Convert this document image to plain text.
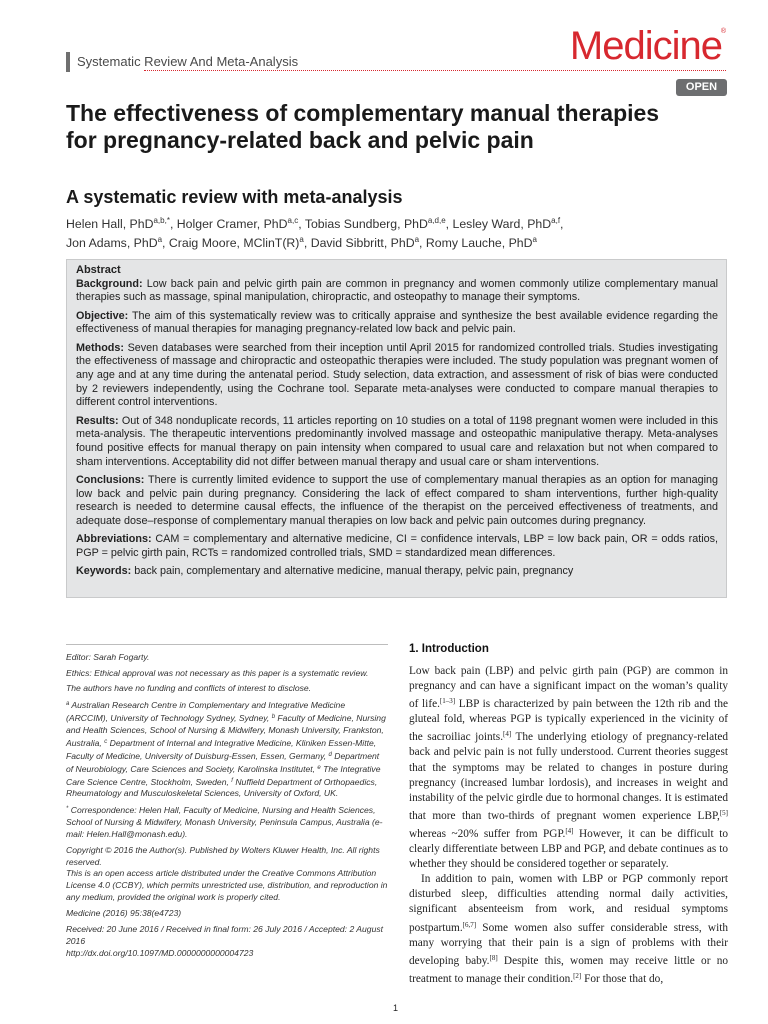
Systematic Review And Meta-Analysis	Medicine
®
OPEN
The effectiveness of complementary manual therapies for pregnancy-related back and pelvic pain
A systematic review with meta-analysis
Helen Hall, PhD$^{a,b,*}$, Holger Cramer, PhD$^{a,c}$, Tobias Sundberg, PhD$^{a,d,e}$, Lesley Ward, PhD$^{a,f}$,
Jon Adams, PhD$^a$, Craig Moore, $MClinT(R)^a$, David Sibbritt, PhD$^a$, Romy Lauche, PhD$^a$

Abstract

Background: Low back pain and pelvic girth pain are common in pregnancy and women commonly utilize complementary manual therapies such as massage, spinal manipulation, chiropractic, and osteopathy to manage their symptoms.

Objective: The aim of this systematically review was to critically appraise and synthesize the best available evidence regarding the effectiveness of manual therapies for managing pregnancy-related low back and pelvic pain.

Methods: Seven databases were searched from their inception until April 2015 for randomized controlled trials. Studies investigating the effectiveness of massage and chiropractic and osteopathic therapies were included. The study population was pregnant women of any age and at any time during the antenatal period. Study selection, data extraction, and assessment of risk of bias were conducted by 2 reviewers independently, using the Cochrane tool. Separate meta-analyses were conducted to compare manual therapies to different control interventions.

Results: Out of 348 nonduplicate records, 11 articles reporting on 10 studies on a total of 1198 pregnant women were included in this meta-analysis. The therapeutic interventions predominantly involved massage and osteopathic manipulative therapy. Meta-analyses found positive effects for manual therapy on pain intensity when compared to usual care and relaxation but not when compared to sham interventions. Acceptability did not differ between manual therapy and usual care or sham interventions.

Conclusions: There is currently limited evidence to support the use of complementary manual therapies as an option for managing low back and pelvic pain during pregnancy. Considering the lack of effect compared to sham interventions, further high-quality research is needed to determine causal effects, the influence of the therapist on the perceived effectiveness of treatments, and adequate dose–response of complementary manual therapies on low back and pelvic pain outcomes during pregnancy.

Abbreviations: CAM = complementary and alternative medicine, CI = confidence intervals, LBP = low back pain, OR = odds ratios, PGP = pelvic girth pain, RCTs = randomized controlled trials, SMD = standardized mean differences.

Keywords: back pain, complementary and alternative medicine, manual therapy, pelvic pain, pregnancy

Editor: Sarah Fogarty.

Ethics: Ethical approval was not necessary as this paper is a systematic review.

The authors have no funding and conflicts of interest to disclose.

$^a$ Australian Research Centre in Complementary and Integrative Medicine (ARCCIM), University of Technology Sydney, Sydney, $^b$ Faculty of Medicine, Nursing and Health Sciences, School of Nursing & Midwifery, Monash University, Frankston, Australia, $^c$ Department of Internal and Integrative Medicine, Kliniken Essen-Mitte, Faculty of Medicine, University of Duisburg-Essen, Essen, Germany, $^d$ Department of Neurobiology, Care Sciences and Society, Karolinska Institutet, $^e$ The Integrative Care Science Centre, Stockholm, Sweden, $^f$ Nuffield Department of Orthopaedics, Rheumatology and Musculoskeletal Sciences, University of Oxford, UK.

* Correspondence: Helen Hall, Faculty of Medicine, Nursing and Health Sciences, School of Nursing & Midwifery, Monash University, Peninsula Campus, Australia (e-mail: Helen.Hall@monash.edu).

Copyright © 2016 the Author(s). Published by Wolters Kluwer Health, Inc. All rights reserved.

This is an open access article distributed under the Creative Commons Attribution License 4.0 (CCBY), which permits unrestricted use, distribution, and reproduction in any medium, provided the original work is properly cited.

Medicine (2016) 95:38(e4723)

Received: 20 June 2016 / Received in final form: 26 July 2016 / Accepted: 2 August 2016

http://dx.doi.org/10.1097/MD.0000000000004723

1. Introduction

Low back pain (LBP) and pelvic girth pain (PGP) are common in pregnancy and can have a significant impact on the woman’s quality of life.[1–3] LBP is characterized by pain between the 12th rib and the gluteal fold, whereas PGP is typically experienced in the vicinity of the sacroiliac joints.[4] The underlying etiology of pregnancy-related back and pelvic pain is not fully understood. Current theories suggest that the symptoms may be related to changes in posture during pregnancy (increased lumbar lordosis), and increases in weight and instability of the pelvic girdle due to hormonal changes. It is estimated that more than two-thirds of pregnant women experience LBP,[5] whereas ~20% suffer from PGP.[4] However, it can be difficult to clearly differentiate between LBP and PGP, and debate continues as to whether they should be considered together or separately.

In addition to pain, women with LBP or PGP commonly report disturbed sleep, difficulties attending normal daily activities, significant absenteeism from work, and residual symptoms postpartum.[6,7] Some women also suffer considerable stress, with many worrying that their pain is a sign of problems with their developing baby.[8] Despite this, women may receive little or no treatment to manage their condition.[2] For those that do,

1
